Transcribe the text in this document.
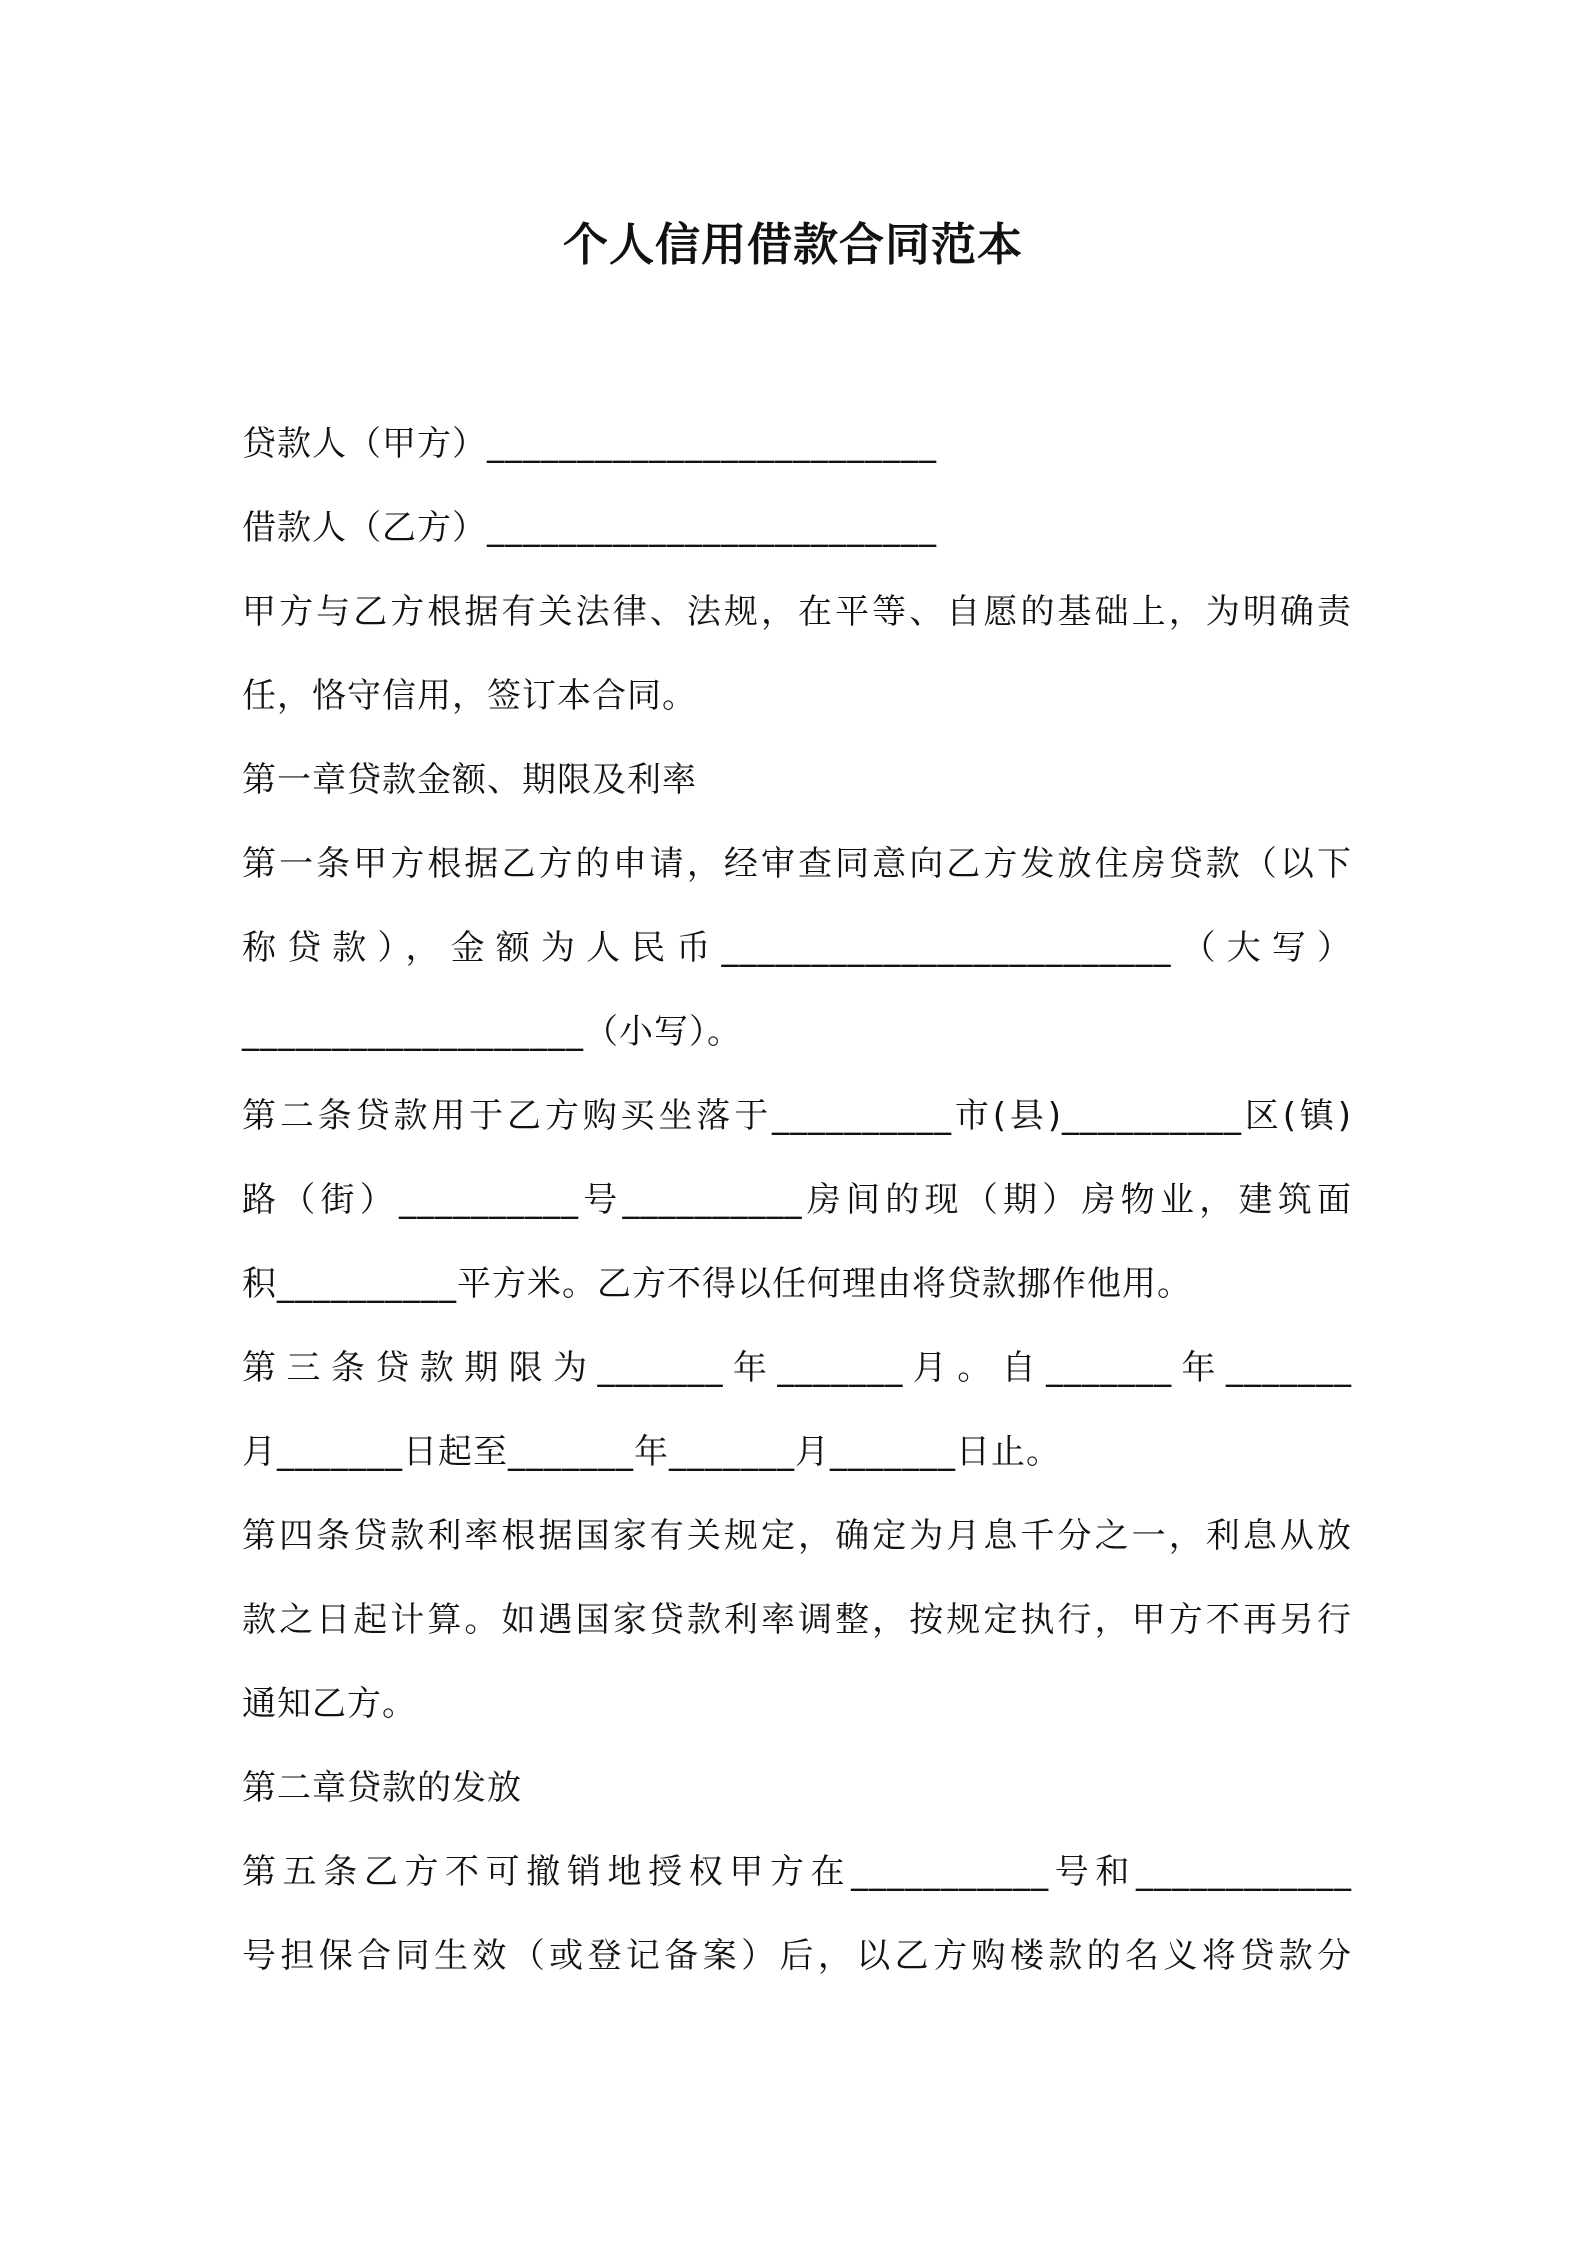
个人信用借款合同范本
贷款人（甲方）_________________________
借款人（乙方）_________________________
甲方与乙方根据有关法律、法规，在平等、自愿的基础上，为明确责
任，恪守信用，签订本合同。
第一章贷款金额、期限及利率
第一条甲方根据乙方的申请，经审查同意向乙方发放住房贷款（以下
称贷款），金额为人民币_________________________（大写）
___________________（小写）。
第二条贷款用于乙方购买坐落于__________市(县)__________区(镇)
路（街）__________号__________房间的现（期）房物业，建筑面
积__________平方米。乙方不得以任何理由将贷款挪作他用。
第三条贷款期限为_______年_______月。自_______年_______
月_______日起至_______年_______月_______日止。
第四条贷款利率根据国家有关规定，确定为月息千分之一，利息从放
款之日起计算。如遇国家贷款利率调整，按规定执行，甲方不再另行
通知乙方。
第二章贷款的发放
第五条乙方不可撤销地授权甲方在___________号和____________
号担保合同生效（或登记备案）后，以乙方购楼款的名义将贷款分
